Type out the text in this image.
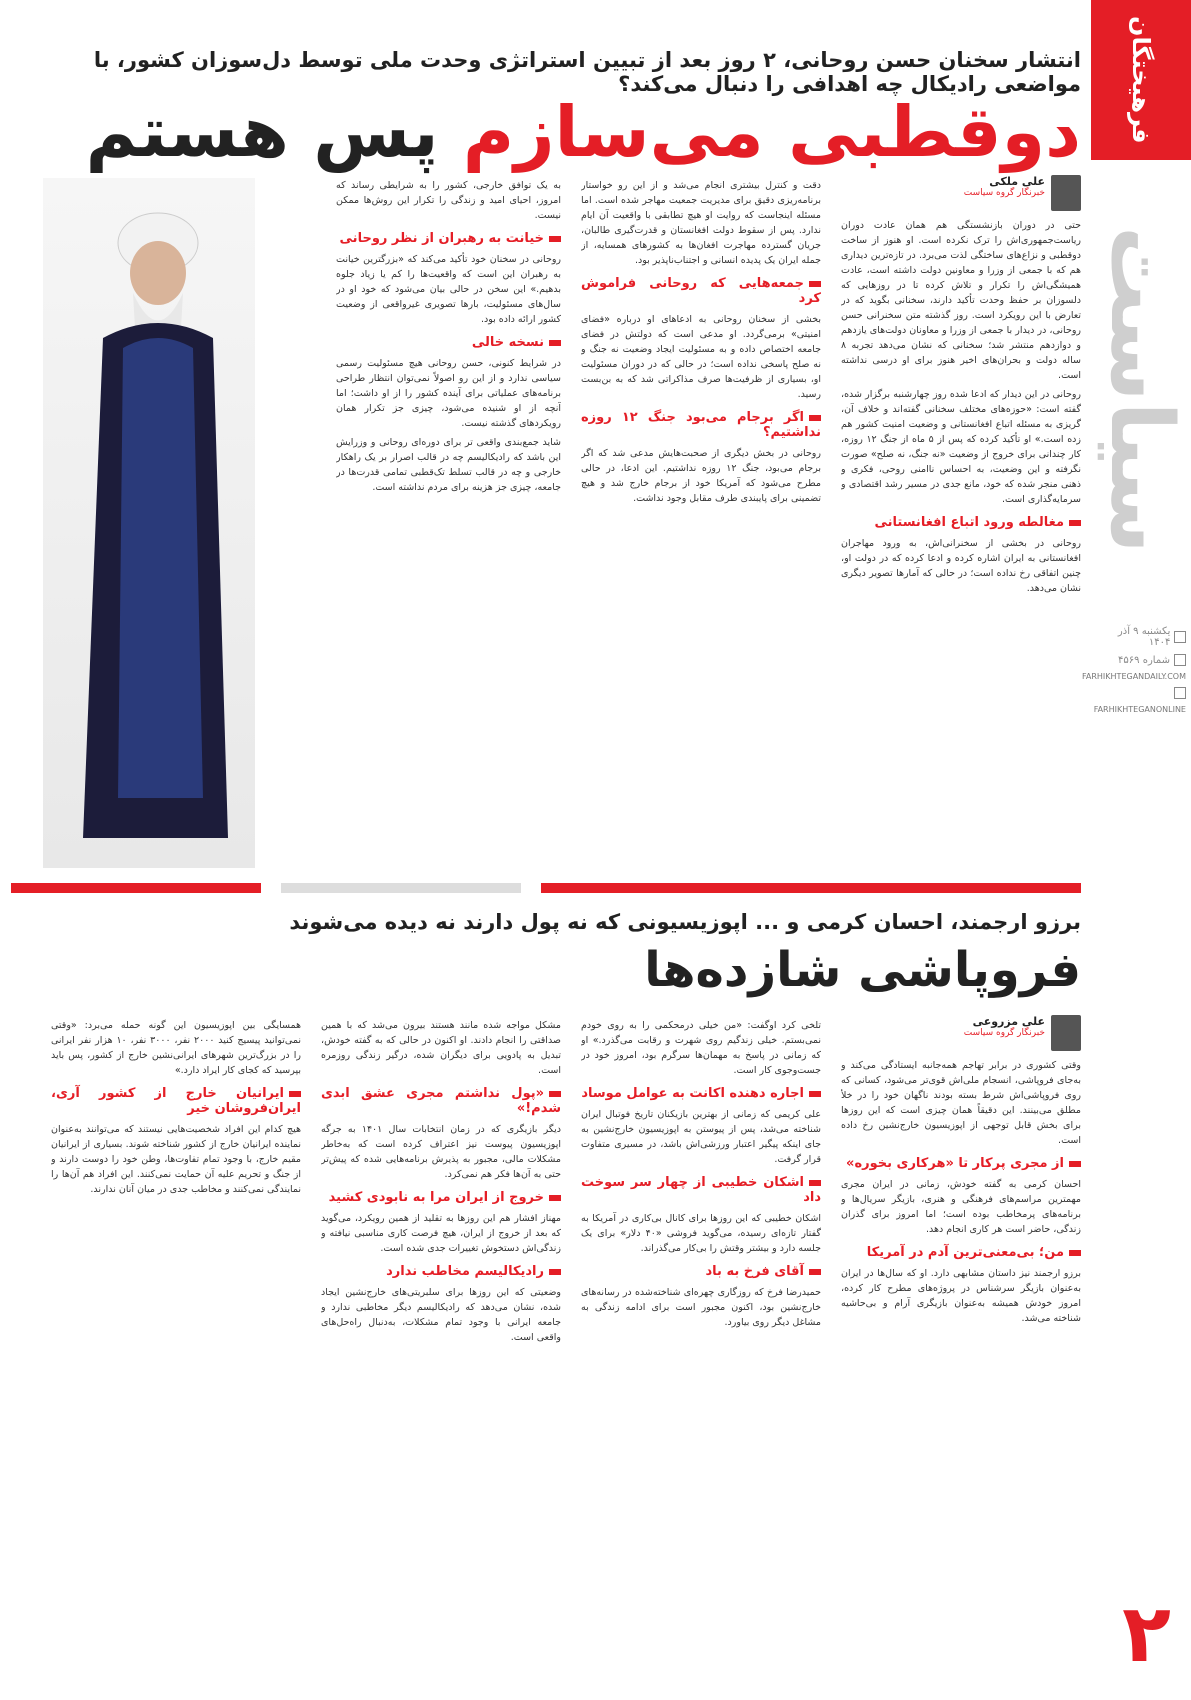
فرهیختگان
سیاست
یکشنبه ۹ آذر ۱۴۰۴
شماره ۴۵۶۹
FARHIKHTEGANDAILY.COM
FARHIKHTEGANONLINE
۲
انتشار سخنان حسن روحانی، ۲ روز بعد از تبیین استراتژی وحدت ملی توسط دل‌سوزان کشور، با مواضعی رادیکال چه اهدافی را دنبال می‌کند؟
دوقطبی می‌سازم پس هستم
علی ملکی
خبرنگار گروه سیاست

حتی در دوران بازنشستگی هم همان عادت دوران ریاست‌جمهوری‌اش را ترک نکرده است. او هنوز از ساخت دوقطبی و نزاع‌های ساختگی لذت می‌برد. در تازه‌ترین دیداری هم که با جمعی از وزرا و معاونین دولت داشته است، عادت همیشگی‌اش را تکرار و تلاش کرده تا در روزهایی که دلسوزان بر حفظ وحدت تأکید دارند، سخنانی بگوید که در تعارض با این رویکرد است. روز گذشته متن سخنرانی حسن روحانی، در دیدار با جمعی از وزرا و معاونان دولت‌های یازدهم و دوازدهم منتشر شد؛ سخنانی که نشان می‌دهد تجربه ۸ ساله دولت و بحران‌های اخیر هنوز برای او درسی نداشته است.

روحانی در این دیدار که ادعا شده روز چهارشنبه برگزار شده، گفته است: «حوزه‌های مختلف سخنانی گفته‌اند و خلاف آن، گریزی به مسئله اتباع افغانستانی و وضعیت امنیت کشور هم زده است.» او تأکید کرده که پس از ۵ ماه از جنگ ۱۲ روزه، کار چندانی برای خروج از وضعیت «نه جنگ، نه صلح» صورت نگرفته و این وضعیت، به احساس ناامنی روحی، فکری و ذهنی منجر شده که خود، مانع جدی در مسیر رشد اقتصادی و سرمایه‌گذاری است.

مغالطه ورود اتباع افغانستانی

روحانی در بخشی از سخنرانی‌اش، به ورود مهاجران افغانستانی به ایران اشاره کرده و ادعا کرده که در دولت او، چنین اتفاقی رخ نداده است؛ در حالی که آمارها تصویر دیگری نشان می‌دهد.

دقت و کنترل بیشتری انجام می‌شد و از این رو خواستار برنامه‌ریزی دقیق برای مدیریت جمعیت مهاجر شده است. اما مسئله اینجاست که روایت او هیچ تطابقی با واقعیت آن ایام ندارد. پس از سقوط دولت افغانستان و قدرت‌گیری طالبان، جریان گسترده مهاجرت افغان‌ها به کشورهای همسایه، از جمله ایران یک پدیده انسانی و اجتناب‌ناپذیر بود.

جمعه‌هایی که روحانی فراموش کرد

بخشی از سخنان روحانی به ادعاهای او درباره «فضای امنیتی» برمی‌گردد. او مدعی است که دولتش در فضای جامعه اختصاص داده و به مسئولیت ایجاد وضعیت نه جنگ و نه صلح پاسخی نداده است؛ در حالی که در دوران مسئولیت او، بسیاری از ظرفیت‌ها صرف مذاکراتی شد که به بن‌بست رسید.

اگر برجام می‌بود جنگ ۱۲ روزه نداشتیم؟

روحانی در بخش دیگری از صحبت‌هایش مدعی شد که اگر برجام می‌بود، جنگ ۱۲ روزه نداشتیم. این ادعا، در حالی مطرح می‌شود که آمریکا خود از برجام خارج شد و هیچ تضمینی برای پایبندی طرف مقابل وجود نداشت.

به یک توافق خارجی، کشور را به شرایطی رساند که امروز، احیای امید و زندگی را تکرار این روش‌ها ممکن نیست.

خیانت به رهبران از نظر روحانی

روحانی در سخنان خود تأکید می‌کند که «بزرگترین خیانت به رهبران این است که واقعیت‌ها را کم یا زیاد جلوه بدهیم.» این سخن در حالی بیان می‌شود که خود او در سال‌های مسئولیت، بارها تصویری غیرواقعی از وضعیت کشور ارائه داده بود.

نسخه خالی

در شرایط کنونی، حسن روحانی هیچ مسئولیت رسمی سیاسی ندارد و از این رو اصولاً نمی‌توان انتظار طراحی برنامه‌های عملیاتی برای آینده کشور را از او داشت؛ اما آنچه از او شنیده می‌شود، چیزی جز تکرار همان رویکردهای گذشته نیست.

شاید جمع‌بندی واقعی تر برای دوره‌ای روحانی و وزرایش این باشد که رادیکالیسم چه در قالب اصرار بر یک راهکار خارجی و چه در قالب تسلط تک‌قطبی تمامی قدرت‌ها در جامعه، چیزی جز هزینه برای مردم نداشته است.

برزو ارجمند، احسان کرمی و ... اپوزیسیونی که نه پول دارند نه دیده می‌شوند
فروپاشی شازده‌ها
علی مزروعی
خبرنگار گروه سیاست

وقتی کشوری در برابر تهاجم همه‌جانبه ایستادگی می‌کند و به‌جای فروپاشی، انسجام ملی‌اش قوی‌تر می‌شود، کسانی که روی فروپاشی‌اش شرط بسته بودند ناگهان خود را در خلأ مطلق می‌بینند. این دقیقاً همان چیزی است که این روزها برای بخش قابل توجهی از اپوزیسیون خارج‌نشین رخ داده است.

از مجری پرکار تا «هرکاری بخوره»

احسان کرمی به گفته خودش، زمانی در ایران مجری مهمترین مراسم‌های فرهنگی و هنری، بازیگر سریال‌ها و برنامه‌های پرمخاطب بوده است؛ اما امروز برای گذران زندگی، حاضر است هر کاری انجام دهد.

من؛ بی‌معنی‌ترین آدم در آمریکا

برزو ارجمند نیز داستان مشابهی دارد. او که سال‌ها در ایران به‌عنوان بازیگر سرشناس در پروژه‌های مطرح کار کرده، امروز خودش همیشه به‌عنوان بازیگری آرام و بی‌حاشیه شناخته می‌شد.

تلخی کرد اوگفت: «من خیلی درمحکمی را به روی خودم نمی‌بستم. خیلی زندگیم روی شهرت و رقابت می‌گذرد.» او که زمانی در پاسخ به مهمان‌ها سرگرم بود، امروز خود در جست‌وجوی کار است.

اجاره دهنده اکانت به عوامل موساد

علی کریمی که زمانی از بهترین بازیکنان تاریخ فوتبال ایران شناخته می‌شد، پس از پیوستن به اپوزیسیون خارج‌نشین به جای اینکه پیگیر اعتبار ورزشی‌اش باشد، در مسیری متفاوت قرار گرفت.

اشکان خطیبی از چهار سر سوخت داد

اشکان خطیبی که این روزها برای کانال بی‌کاری در آمریکا به گفتار تازه‌ای رسیده، می‌گوید فروشی «۴۰ دلار» برای یک جلسه دارد و بیشتر وقتش را بی‌کار می‌گذراند.

آقای فرخ به باد

حمیدرضا فرخ که روزگاری چهره‌ای شناخته‌شده در رسانه‌های خارج‌نشین بود، اکنون مجبور است برای ادامه زندگی به مشاغل دیگر روی بیاورد.

مشکل مواجه شده مانند هستند بیرون می‌شد که با همین صداقتی را انجام دادند. او اکنون در حالی که به گفته خودش، تبدیل به پادویی برای دیگران شده، درگیر زندگی روزمره است.

«پول نداشتم مجری عشق ابدی شدم!»

دیگر بازیگری که در زمان انتخابات سال ۱۴۰۱ به جرگه اپوزیسیون پیوست نیز اعتراف کرده است که به‌خاطر مشکلات مالی، مجبور به پذیرش برنامه‌هایی شده که پیش‌تر حتی به آن‌ها فکر هم نمی‌کرد.

خروج از ایران مرا به نابودی کشید

مهناز افشار هم این روزها به تقلید از همین رویکرد، می‌گوید که بعد از خروج از ایران، هیچ فرصت کاری مناسبی نیافته و زندگی‌اش دستخوش تغییرات جدی شده است.

رادیکالیسم مخاطب ندارد

وضعیتی که این روزها برای سلبریتی‌های خارج‌نشین ایجاد شده، نشان می‌دهد که رادیکالیسم دیگر مخاطبی ندارد و جامعه ایرانی با وجود تمام مشکلات، به‌دنبال راه‌حل‌های واقعی است.

همسایگی بین اپوزیسیون این گونه حمله می‌برد: «وقتی نمی‌توانید پیسیج کنید ۲۰۰۰ نفر، ۳۰۰۰ نفر، ۱۰ هزار نفر ایرانی را در بزرگ‌ترین شهرهای ایرانی‌نشین خارج از کشور، پس باید بپرسید که کجای کار ایراد دارد.»

ایرانیان خارج از کشور آری، ایران‌فروشان خیر

هیچ کدام این افراد شخصیت‌هایی نیستند که می‌توانند به‌عنوان نماینده ایرانیان خارج از کشور شناخته شوند. بسیاری از ایرانیان مقیم خارج، با وجود تمام تفاوت‌ها، وطن خود را دوست دارند و از جنگ و تحریم علیه آن حمایت نمی‌کنند. این افراد هم آن‌ها را نمایندگی نمی‌کنند و مخاطب جدی در میان آنان ندارند.
